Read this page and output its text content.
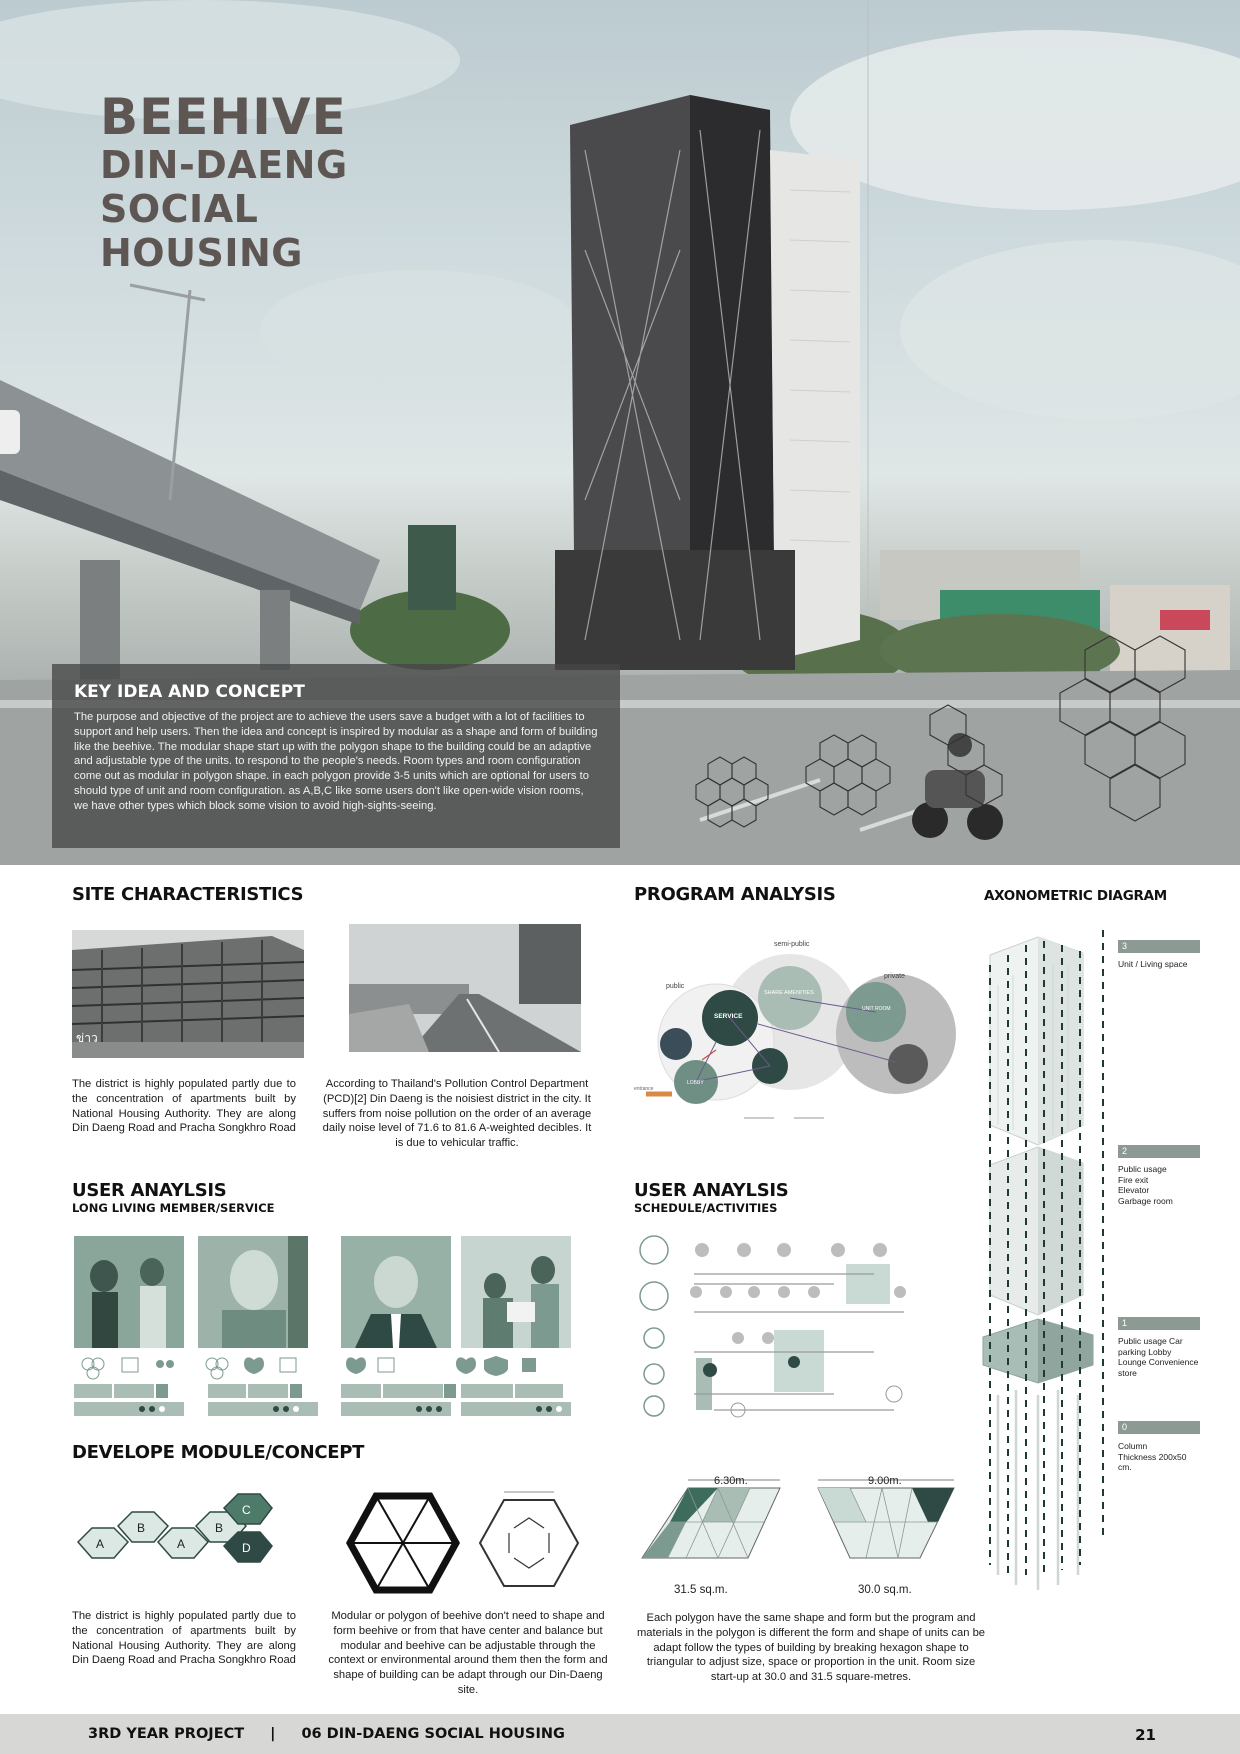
BEEHIVE
DIN-DAENG
SOCIAL
HOUSING
KEY IDEA AND CONCEPT

The purpose and objective of the project are to achieve the users save a budget with a lot of facilities to support and help users. Then the idea and concept is inspired by modular as a shape and form of building like the beehive. The modular shape start up with the polygon shape to the building could be an adaptive and adjustable type of the units. to respond to the people's needs. Room types and room configuration come out as modular in polygon shape. in each polygon provide 3-5 units which are optional for users to should type of unit and room configuration. as A,B,C like some users don't like open-wide vision rooms, we have other types which block some vision to avoid high-sights-seeing.

SITE CHARACTERISTICS
ข่าว
The district is highly populated partly due to the concentration of apartments built by National Housing Authority. They are along Din Daeng Road and Pracha Songkhro Road
According to Thailand's Pollution Control Department (PCD)[2] Din Daeng is the noisiest district in the city. It suffers from noise pollution on the order of an average daily noise level of 71.6 to 81.6 A-weighted decibles. It is due to vehicular traffic.
PROGRAM ANALYSIS
semi-public
public
private
SERVICE
SHARE AMENITIES
UNIT ROOM
LOBBY
entrance
AXONOMETRIC DIAGRAM
3
Unit / Living space
2
Public usage
Fire exit
Elevator
Garbage room
1
Public usage Car parking Lobby Lounge Convenience store
0
Column
Thickness 200x50 cm.
USER ANAYLSIS
LONG LIVING MEMBER/SERVICE
USER ANAYLSIS
SCHEDULE/ACTIVITIES
DEVELOPE MODULE/CONCEPT
A
B
A
B
C
D
6.30m.	9.00m.
31.5 sq.m.	30.0 sq.m.
The district is highly populated partly due to the concentration of apartments built by National Housing Authority. They are along Din Daeng Road and Pracha Songkhro Road
Modular or polygon of beehive don't need to shape and form beehive or from that have center and balance but modular and beehive can be adjustable through the context or environmental around them then the form and shape of building can be adapt through our Din-Daeng site.
Each polygon have the same shape and form but the program and materials in the polygon is different the form and shape of units can be adapt follow the types of building by breaking hexagon shape to triangular to adjust size, space or proportion in the unit. Room size start-up at 30.0 and 31.5 square-metres.
3RD YEAR PROJECT | 06 DIN-DAENG SOCIAL HOUSING	21
